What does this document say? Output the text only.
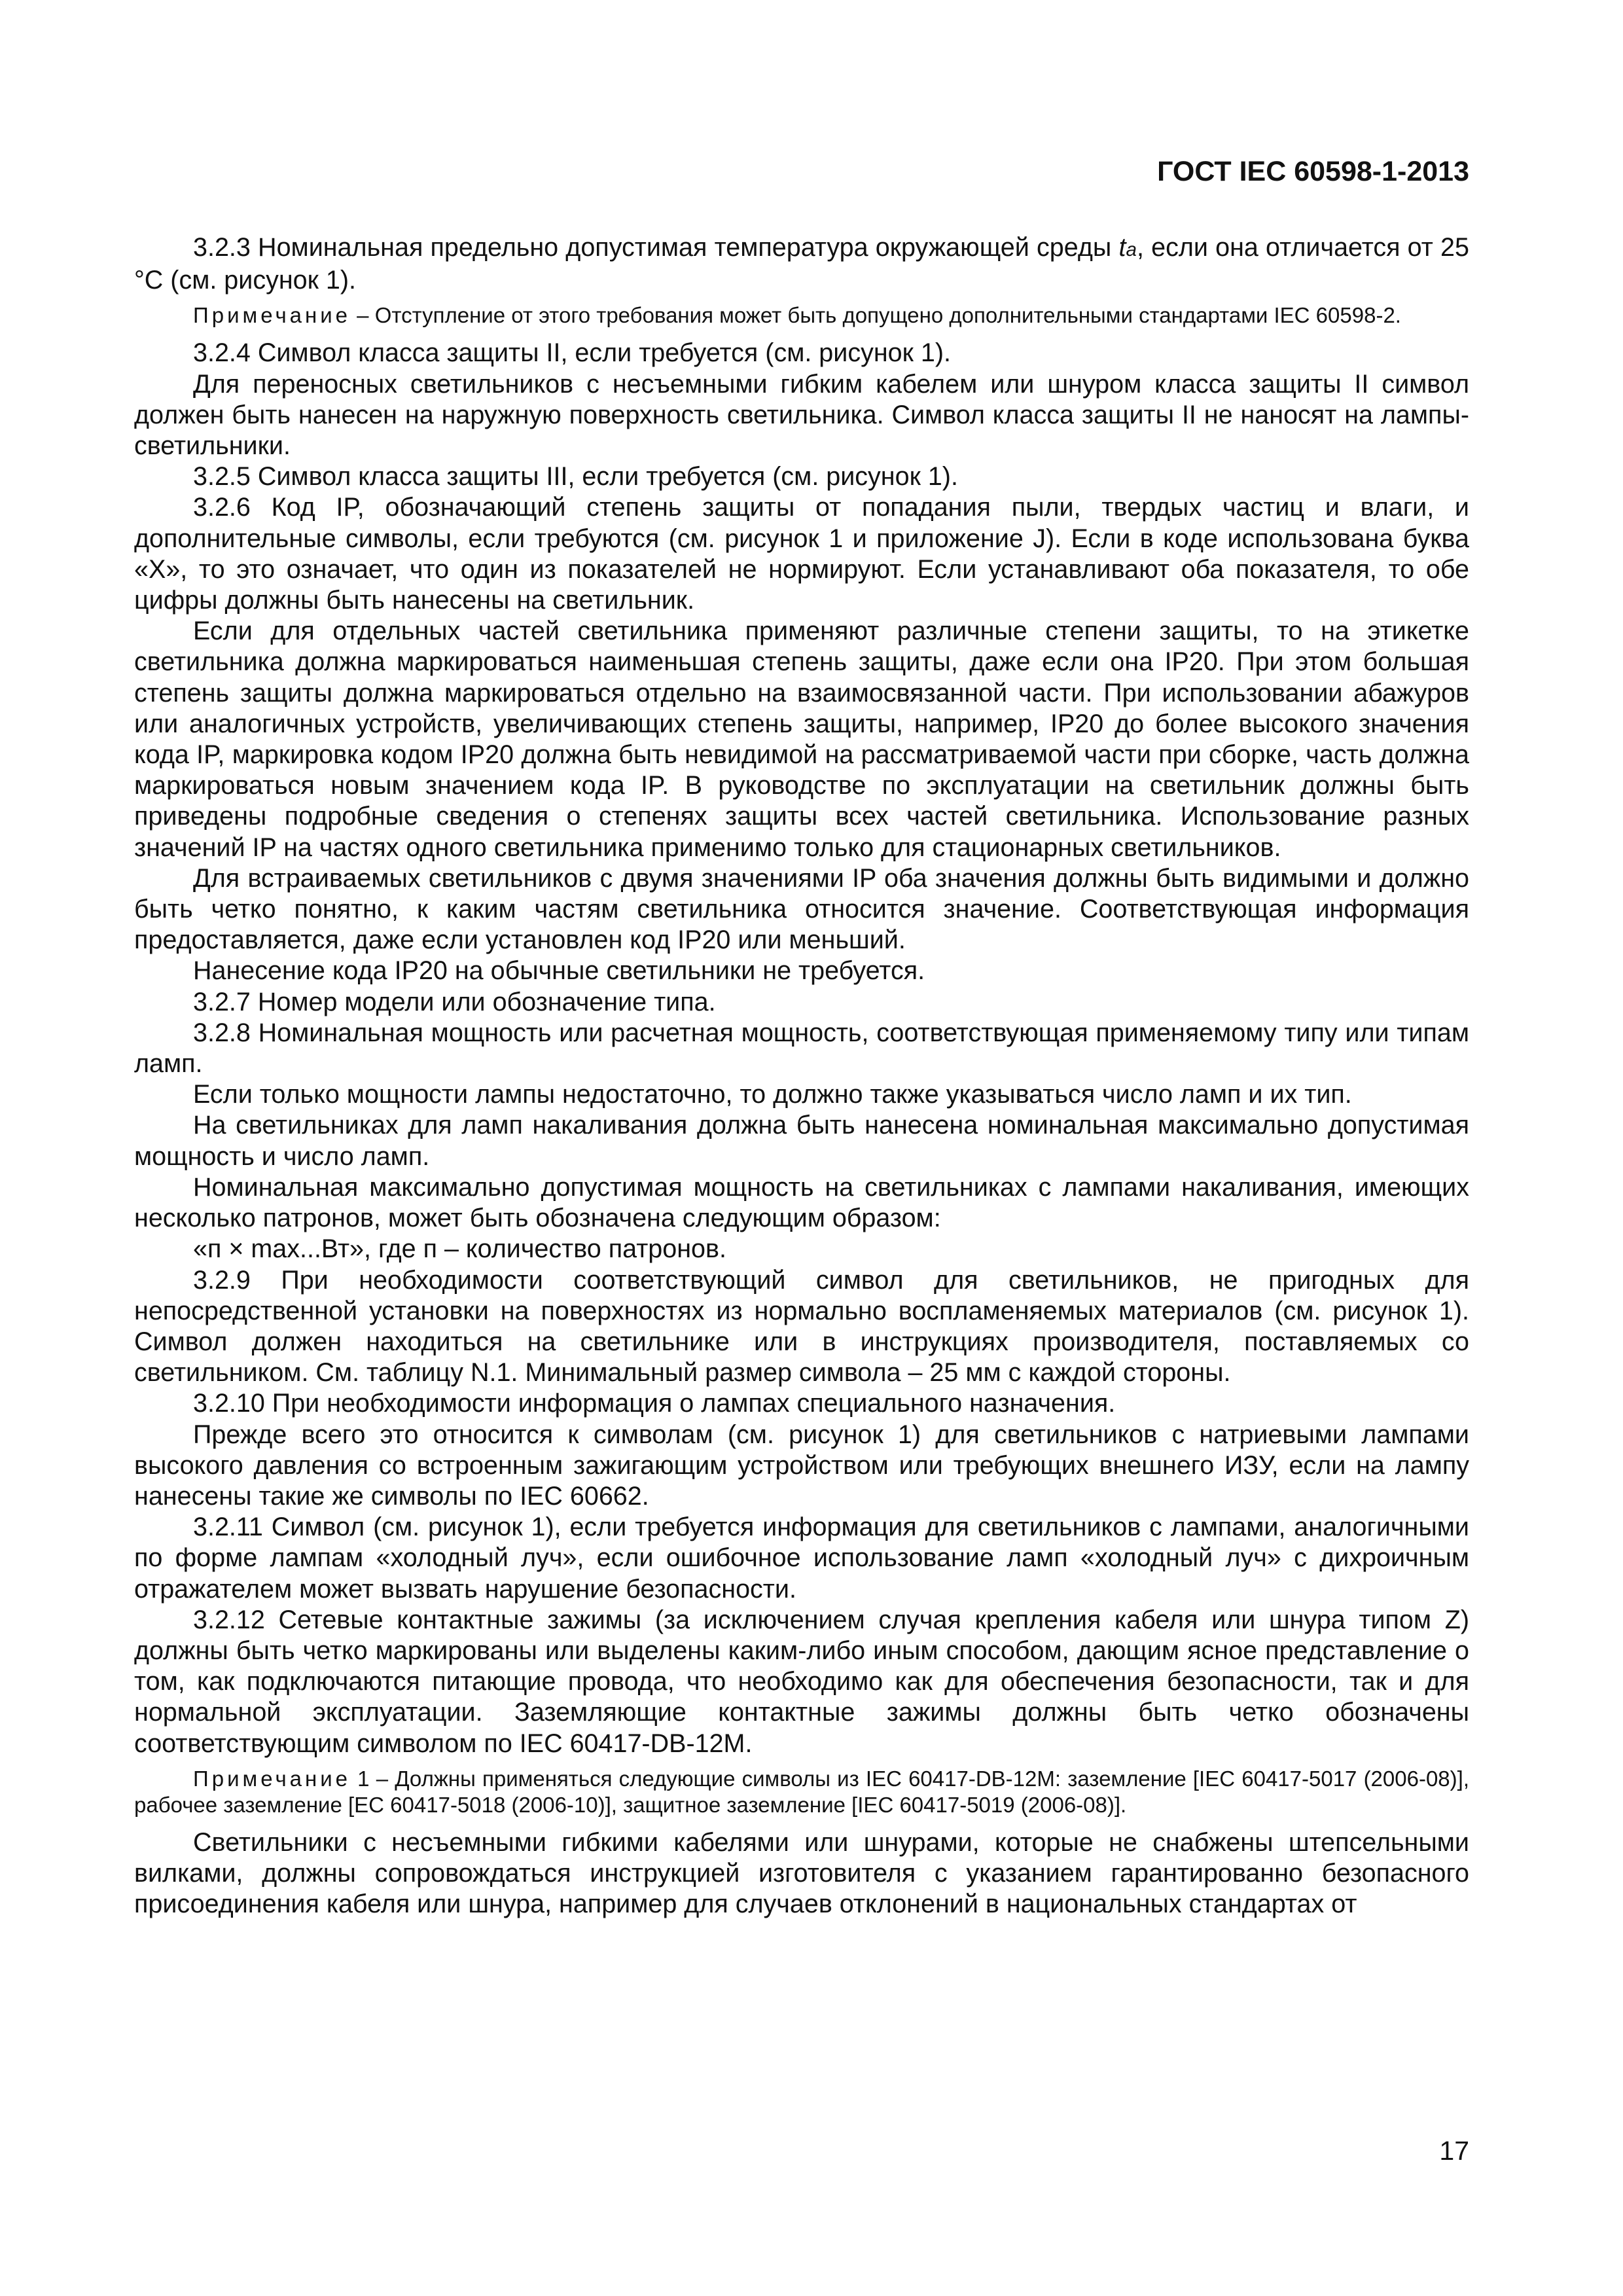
ГОСТ IEC 60598-1-2013

3.2.3 Номинальная предельно допустимая температура окружающей среды ta, если она отличается от 25 °С (см. рисунок 1).

Примечание – Отступление от этого требования может быть допущено дополнительными стандартами IEC 60598-2.

3.2.4 Символ класса защиты II, если требуется (см. рисунок 1).

Для переносных светильников с несъемными гибким кабелем или шнуром класса защиты II символ должен быть нанесен на наружную поверхность светильника. Символ класса защиты II не наносят на лампы-светильники.

3.2.5 Символ класса защиты III, если требуется (см. рисунок 1).

3.2.6 Код IP, обозначающий степень защиты от попадания пыли, твердых частиц и влаги, и дополнительные символы, если требуются (см. рисунок 1 и приложение J). Если в коде использована буква «Х», то это означает, что один из показателей не нормируют. Если устанавливают оба показателя, то обе цифры должны быть нанесены на светильник.

Если для отдельных частей светильника применяют различные степени защиты, то на этикетке светильника должна маркироваться наименьшая степень защиты, даже если она IP20. При этом большая степень защиты должна маркироваться отдельно на взаимосвязанной части. При использовании абажуров или аналогичных устройств, увеличивающих степень защиты, например, IP20 до более высокого значения кода IP, маркировка кодом IP20 должна быть невидимой на рассматриваемой части при сборке, часть должна маркироваться новым значением кода IP. В руководстве по эксплуатации на светильник должны быть приведены подробные сведения о степенях защиты всех частей светильника. Использование разных значений IP на частях одного светильника применимо только для стационарных светильников.

Для встраиваемых светильников с двумя значениями IP оба значения должны быть видимыми и должно быть четко понятно, к каким частям светильника относится значение. Соответствующая информация предоставляется, даже если установлен код IP20 или меньший.

Нанесение кода IP20 на обычные светильники не требуется.

3.2.7 Номер модели или обозначение типа.

3.2.8 Номинальная мощность или расчетная мощность, соответствующая применяемому типу или типам ламп.

Если только мощности лампы недостаточно, то должно также указываться число ламп и их тип.

На светильниках для ламп накаливания должна быть нанесена номинальная максимально допустимая мощность и число ламп.

Номинальная максимально допустимая мощность на светильниках с лампами накаливания, имеющих несколько патронов, может быть обозначена следующим образом:

«п × max...Вт», где п – количество патронов.

3.2.9 При необходимости соответствующий символ для светильников, не пригодных для непосредственной установки на поверхностях из нормально воспламеняемых материалов (см. рисунок 1). Символ должен находиться на светильнике или в инструкциях производителя, поставляемых со светильником. См. таблицу N.1. Минимальный размер символа – 25 мм с каждой стороны.

3.2.10 При необходимости информация о лампах специального назначения.

Прежде всего это относится к символам (см. рисунок 1) для светильников с натриевыми лампами высокого давления со встроенным зажигающим устройством или требующих внешнего ИЗУ, если на лампу нанесены такие же символы по IEC 60662.

3.2.11 Символ (см. рисунок 1), если требуется информация для светильников с лампами, аналогичными по форме лампам «холодный луч», если ошибочное использование ламп «холодный луч» с дихроичным отражателем может вызвать нарушение безопасности.

3.2.12 Сетевые контактные зажимы (за исключением случая крепления кабеля или шнура типом Z) должны быть четко маркированы или выделены каким-либо иным способом, дающим ясное представление о том, как подключаются питающие провода, что необходимо как для обеспечения безопасности, так и для нормальной эксплуатации. Заземляющие контактные зажимы должны быть четко обозначены соответствующим символом по IEC 60417-DB-12M.

Примечание 1 – Должны применяться следующие символы из IEC 60417-DB-12M: заземление [IEC 60417-5017 (2006-08)], рабочее заземление [ЕС 60417-5018 (2006-10)], защитное заземление [IEC 60417-5019 (2006-08)].

Светильники с несъемными гибкими кабелями или шнурами, которые не снабжены штепсельными вилками, должны сопровождаться инструкцией изготовителя с указанием гарантированно безопасного присоединения кабеля или шнура, например для случаев отклонений в национальных стандартах от

17
